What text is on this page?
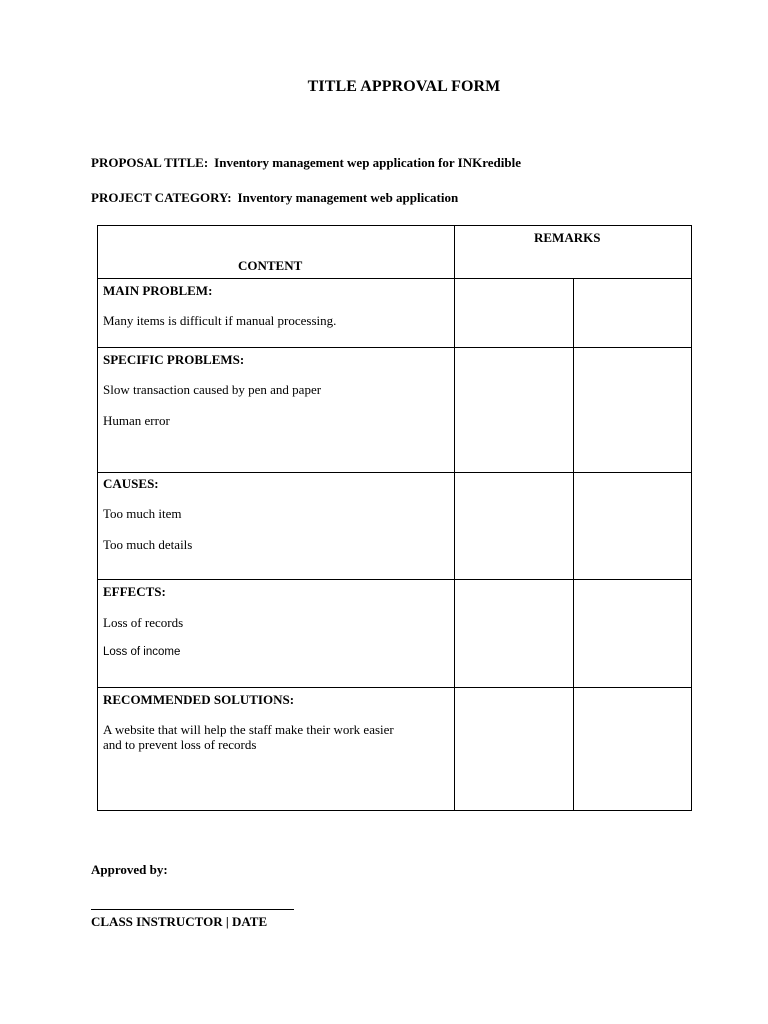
TITLE APPROVAL FORM
PROPOSAL TITLE: Inventory management wep application for INKredible
PROJECT CATEGORY: Inventory management web application
CONTENT
REMARKS
MAIN PROBLEM:
Many items is difficult if manual processing.
SPECIFIC PROBLEMS:
Slow transaction caused by pen and paper
Human error
CAUSES:
Too much item
Too much details
EFFECTS:
Loss of records
Loss of income
RECOMMENDED SOLUTIONS:
A website that will help the staff make their work easier
and to prevent loss of records
Approved by:
CLASS INSTRUCTOR | DATE
